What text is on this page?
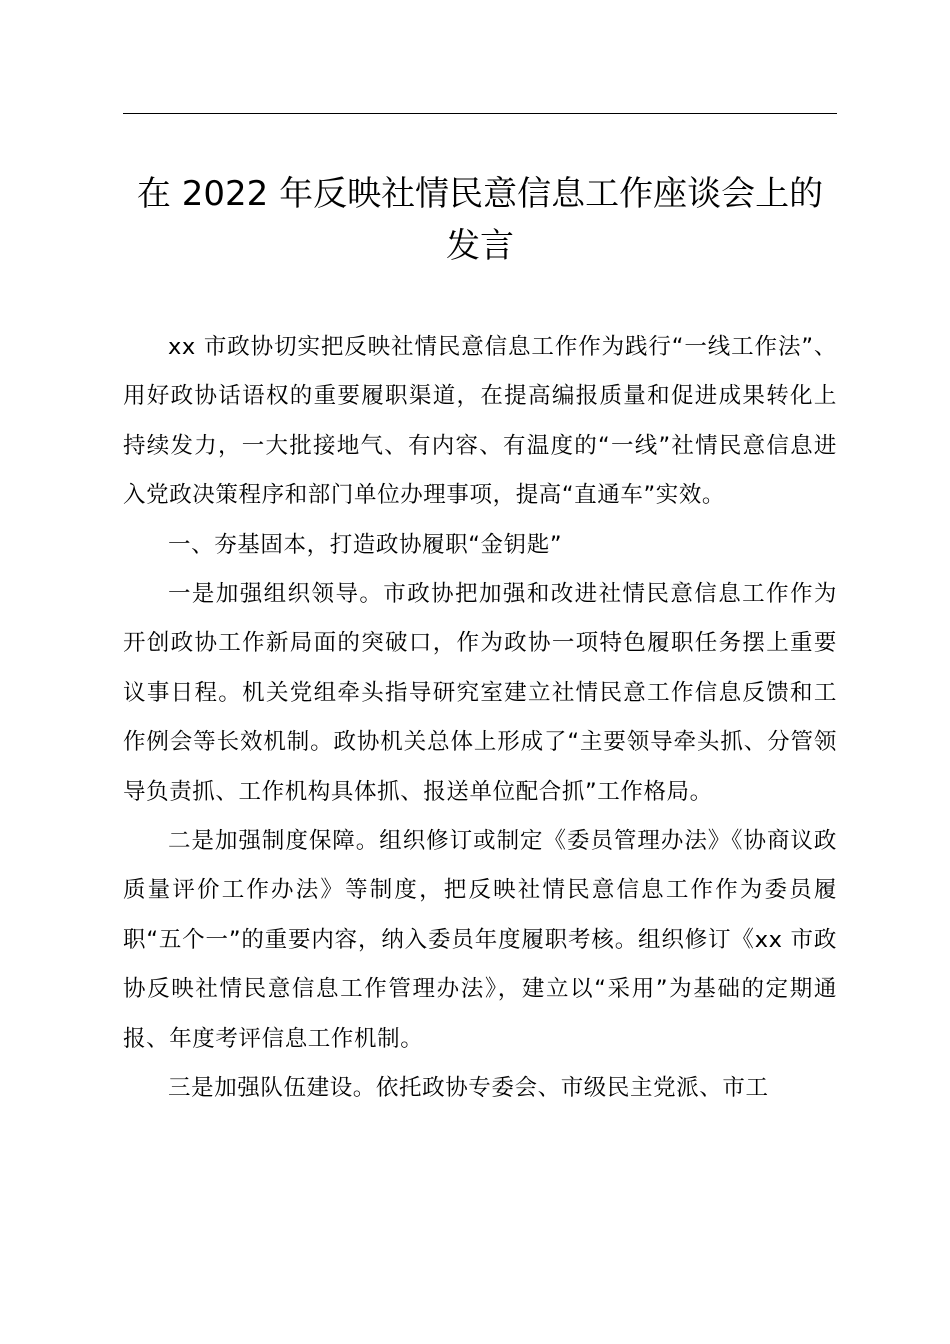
在 2022 年反映社情民意信息工作座谈会上的
发言

xx 市政协切实把反映社情民意信息工作作为践行“一线工作法”、用好政协话语权的重要履职渠道，在提高编报质量和促进成果转化上持续发力，一大批接地气、有内容、有温度的“一线”社情民意信息进入党政决策程序和部门单位办理事项，提高“直通车”实效。

一、夯基固本，打造政协履职“金钥匙”

一是加强组织领导。市政协把加强和改进社情民意信息工作作为开创政协工作新局面的突破口，作为政协一项特色履职任务摆上重要议事日程。机关党组牵头指导研究室建立社情民意工作信息反馈和工作例会等长效机制。政协机关总体上形成了“主要领导牵头抓、分管领导负责抓、工作机构具体抓、报送单位配合抓”工作格局。

二是加强制度保障。组织修订或制定《委员管理办法》《协商议政质量评价工作办法》等制度，把反映社情民意信息工作作为委员履职“五个一”的重要内容，纳入委员年度履职考核。组织修订《xx 市政协反映社情民意信息工作管理办法》，建立以“采用”为基础的定期通报、年度考评信息工作机制。

三是加强队伍建设。依托政协专委会、市级民主党派、市工
